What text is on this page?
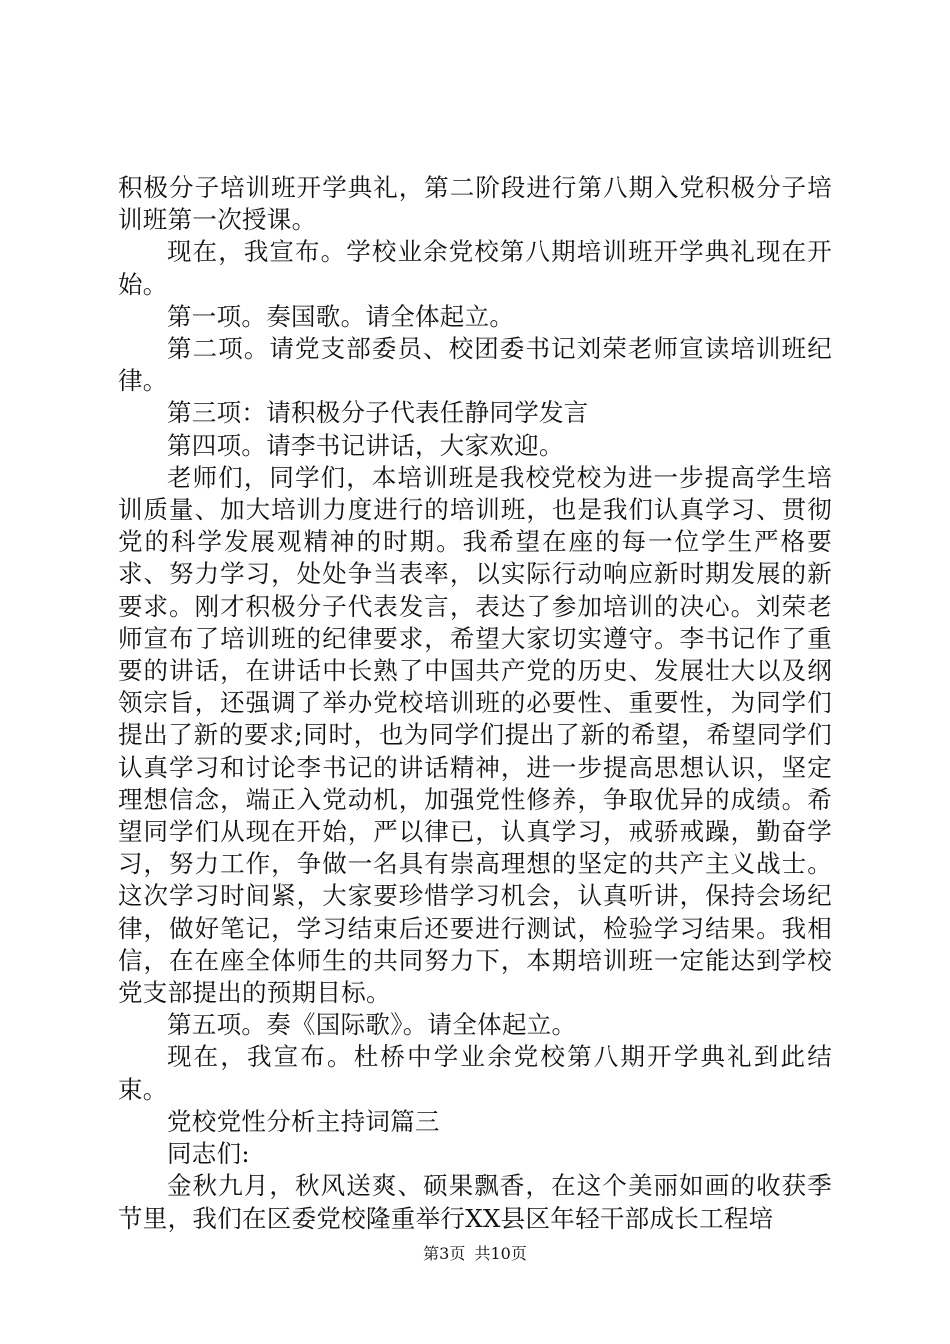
积极分子培训班开学典礼，第二阶段进行第八期入党积极分子培训班第一次授课。

现在，我宣布。学校业余党校第八期培训班开学典礼现在开始。

第一项。奏国歌。请全体起立。

第二项。请党支部委员、校团委书记刘荣老师宣读培训班纪律。

第三项：请积极分子代表任静同学发言

第四项。请李书记讲话，大家欢迎。

老师们，同学们，本培训班是我校党校为进一步提高学生培训质量、加大培训力度进行的培训班，也是我们认真学习、贯彻党的科学发展观精神的时期。我希望在座的每一位学生严格要求、努力学习，处处争当表率，以实际行动响应新时期发展的新要求。刚才积极分子代表发言，表达了参加培训的决心。刘荣老师宣布了培训班的纪律要求，希望大家切实遵守。李书记作了重要的讲话，在讲话中长熟了中国共产党的历史、发展壮大以及纲领宗旨，还强调了举办党校培训班的必要性、重要性，为同学们提出了新的要求;同时，也为同学们提出了新的希望，希望同学们认真学习和讨论李书记的讲话精神，进一步提高思想认识，坚定理想信念，端正入党动机，加强党性修养，争取优异的成绩。希望同学们从现在开始，严以律已，认真学习，戒骄戒躁，勤奋学习，努力工作，争做一名具有崇高理想的坚定的共产主义战士。这次学习时间紧，大家要珍惜学习机会，认真听讲，保持会场纪律，做好笔记，学习结束后还要进行测试，检验学习结果。我相信，在在座全体师生的共同努力下，本期培训班一定能达到学校党支部提出的预期目标。

第五项。奏《国际歌》。请全体起立。

现在，我宣布。杜桥中学业余党校第八期开学典礼到此结束。

党校党性分析主持词篇三

同志们:

金秋九月，秋风送爽、硕果飘香，在这个美丽如画的收获季节里，我们在区委党校隆重举行XX县区年轻干部成长工程培

第3页 共10页
